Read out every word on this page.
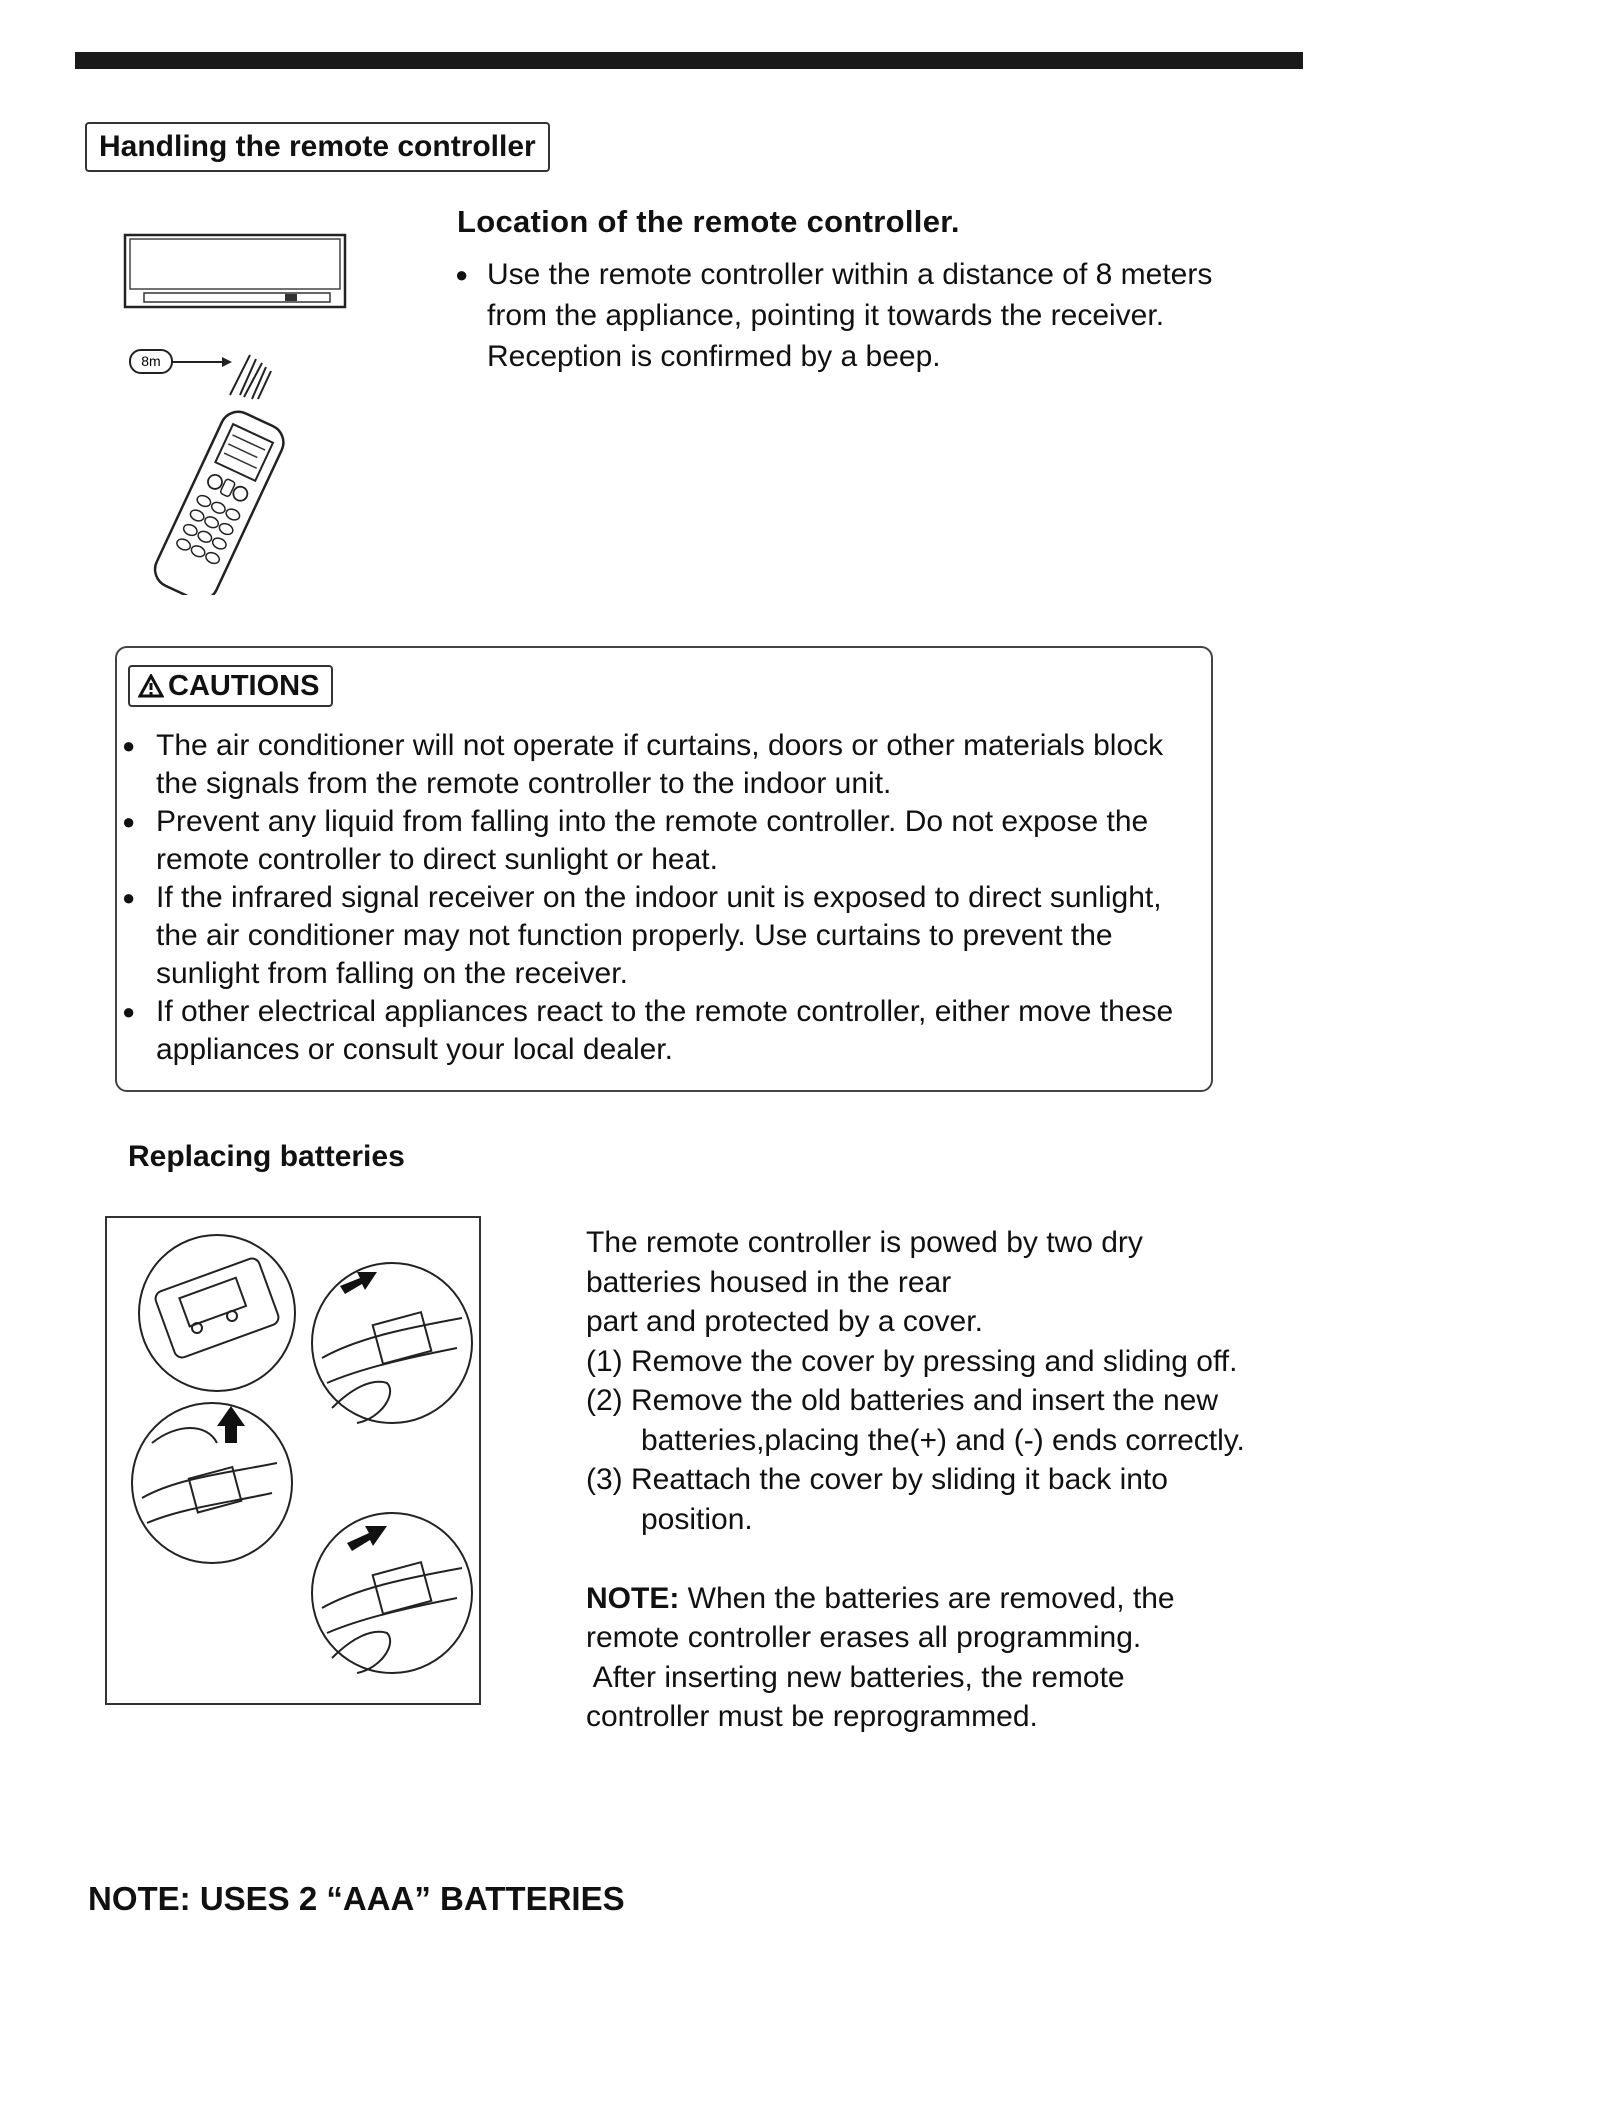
Handling the remote controller
8m
Location of the remote controller.
● Use the remote controller within a distance of 8 meters from the appliance, pointing it towards the receiver. Reception is confirmed by a beep.
CAUTIONS
● The air conditioner will not operate if curtains, doors or other materials block the signals from the remote controller to the indoor unit.
● Prevent any liquid from falling into the remote controller. Do not expose the remote controller to direct sunlight or heat.
● If the infrared signal receiver on the indoor unit is exposed to direct sunlight, the air conditioner may not function properly. Use curtains to prevent the sunlight from falling on the receiver.
● If other electrical appliances react to the remote controller, either move these appliances or consult your local dealer.
Replacing batteries

The remote controller is powed by two dry

batteries housed in the rear

part and protected by a cover.

(1) Remove the cover by pressing and sliding off.

(2) Remove the old batteries and insert the new

batteries,placing the(+) and (-) ends correctly.

(3) Reattach the cover by sliding it back into

position.

NOTE: When the batteries are removed, the

remote controller erases all programming.

After inserting new batteries, the remote

controller must be reprogrammed.

NOTE: USES 2 “AAA” BATTERIES
